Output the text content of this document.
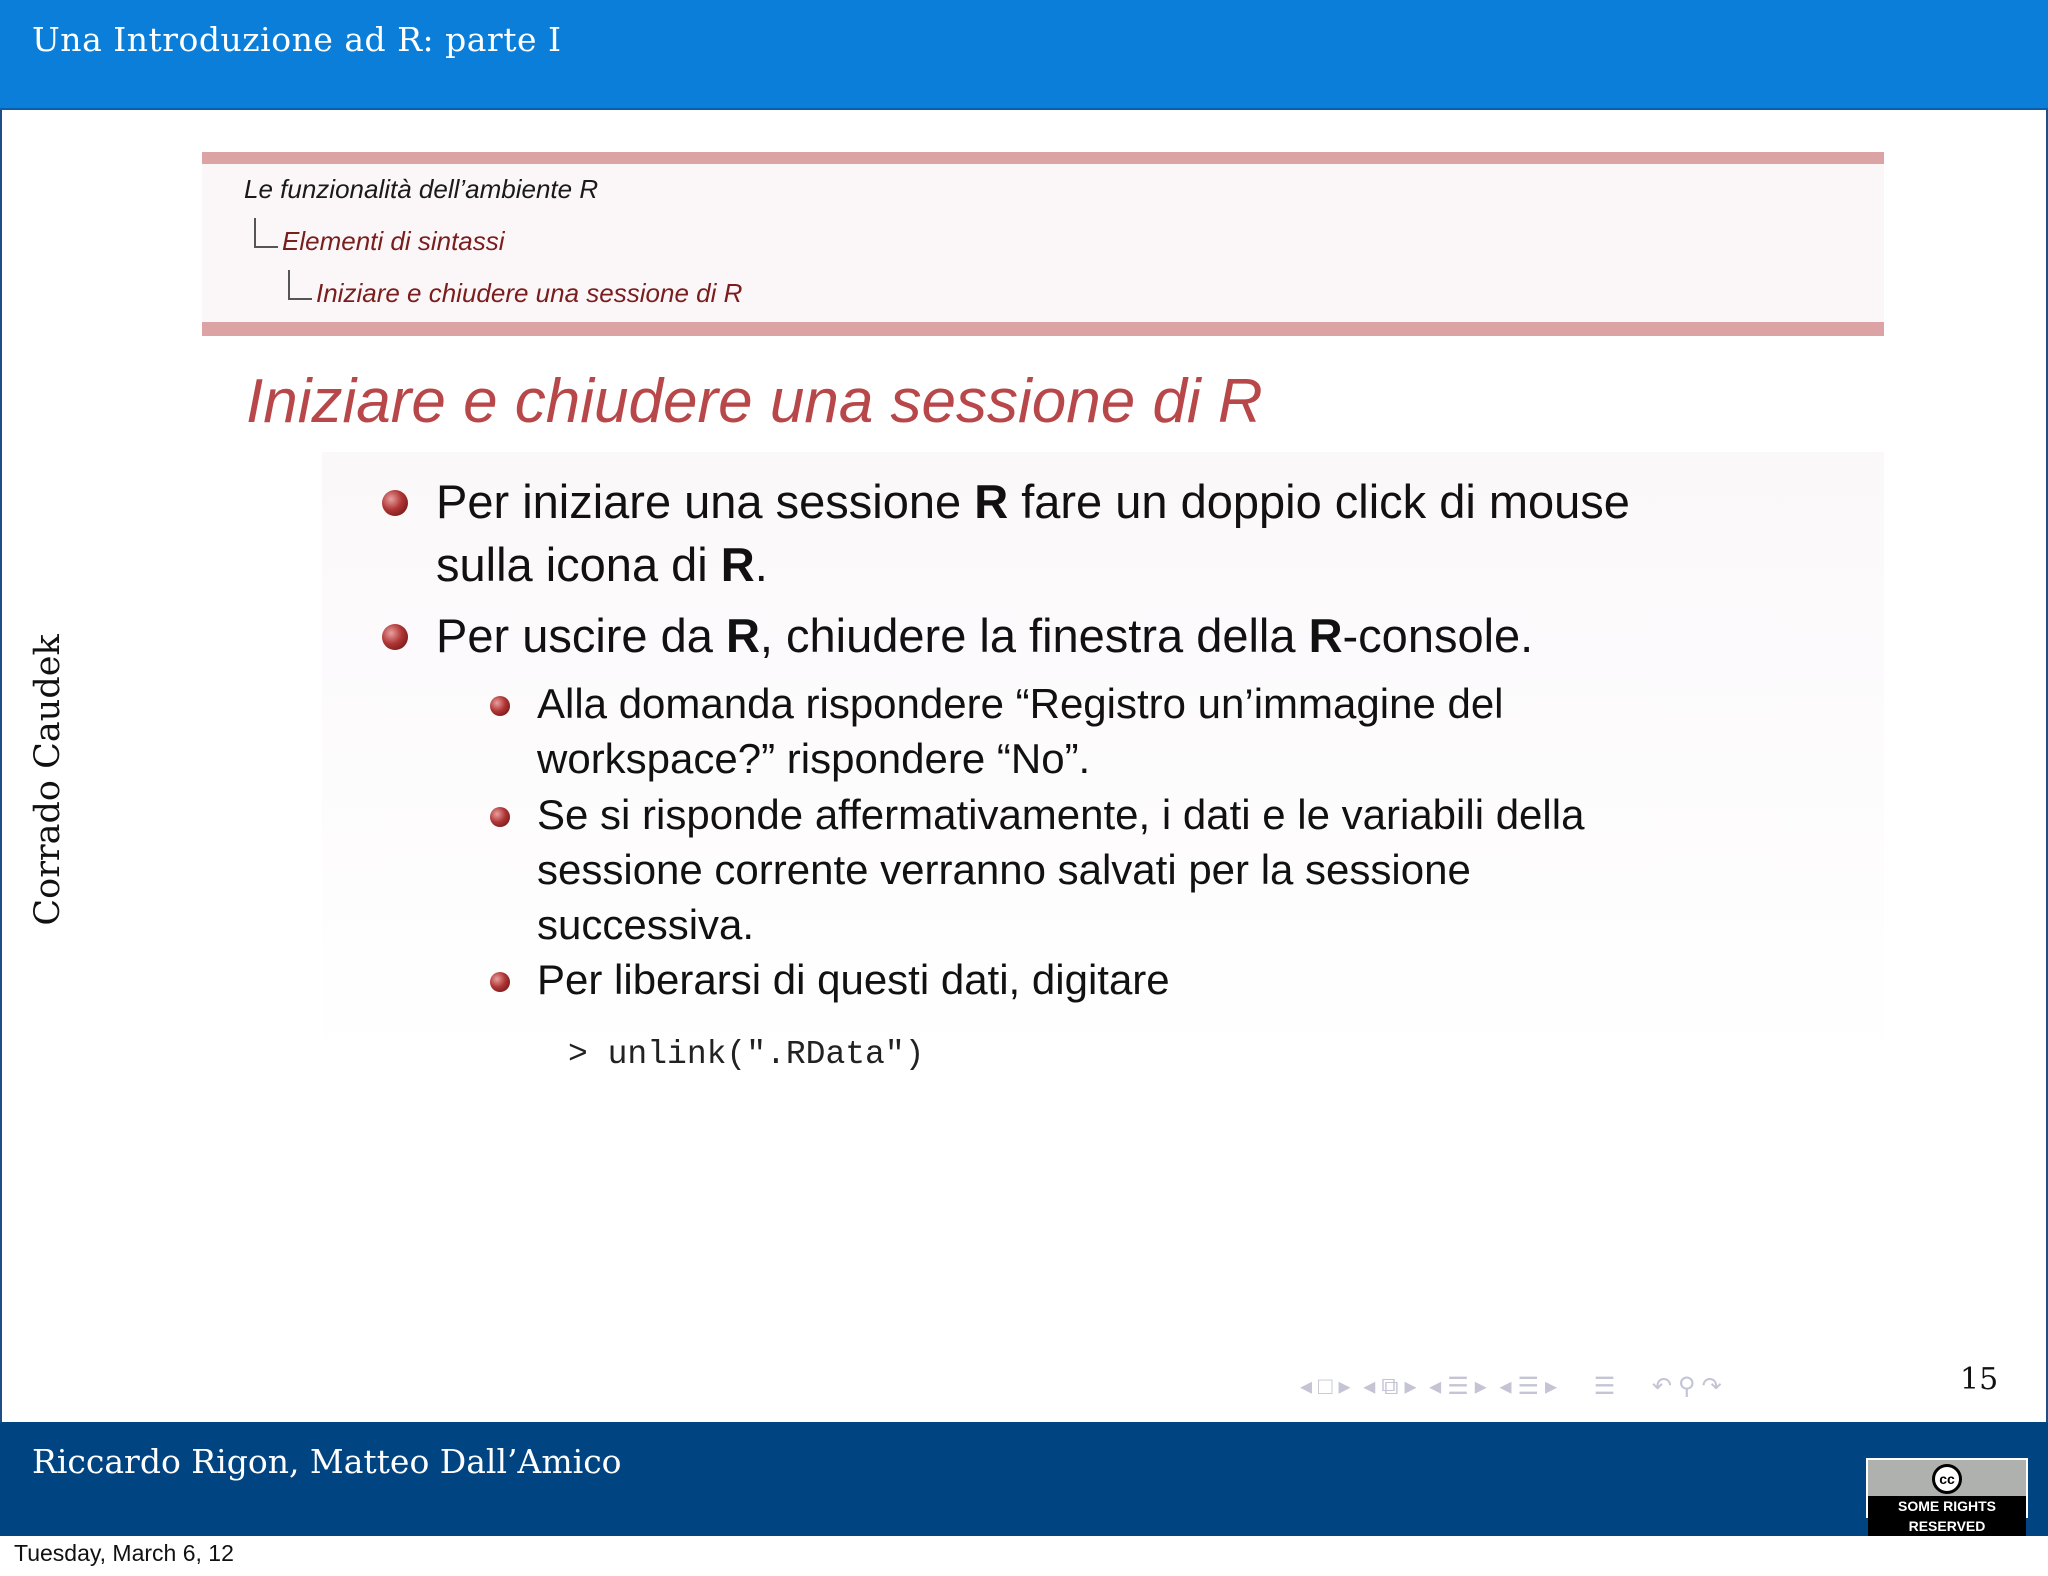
Una Introduzione ad R: parte I
Corrado Caudek
Le funzionalità dell’ambiente R
Elementi di sintassi
Iniziare e chiudere una sessione di R
Iniziare e chiudere una sessione di R
Per iniziare una sessione R fare un doppio click di mouse
sulla icona di R.
Per uscire da R, chiudere la finestra della R-console.
Alla domanda rispondere “Registro un’immagine del
workspace?” rispondere “No”.
Se si risponde affermativamente, i dati e le variabili della
sessione corrente verranno salvati per la sessione
successiva.
Per liberarsi di questi dati, digitare
> unlink(".RData")
◂ □ ▸ ◂ ⧉ ▸ ◂ ☰ ▸ ◂ ☰ ▸ ☰ ↶ ⚲ ↷	15
Riccardo Rigon, Matteo Dall’Amico	cc
SOME RIGHTS RESERVED
Tuesday, March 6, 12
